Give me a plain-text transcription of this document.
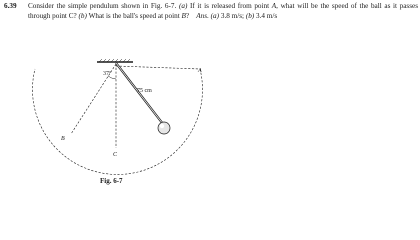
6.39 Consider the simple pendulum shown in Fig. 6-7. (a) If it is released from point A, what will be the speed of the ball as it passes through point C? (b) What is the ball's speed at point B? Ans. (a) 3.8 m/s; (b) 3.4 m/s
37°
75 cm
A
B
C
Fig. 6-7
